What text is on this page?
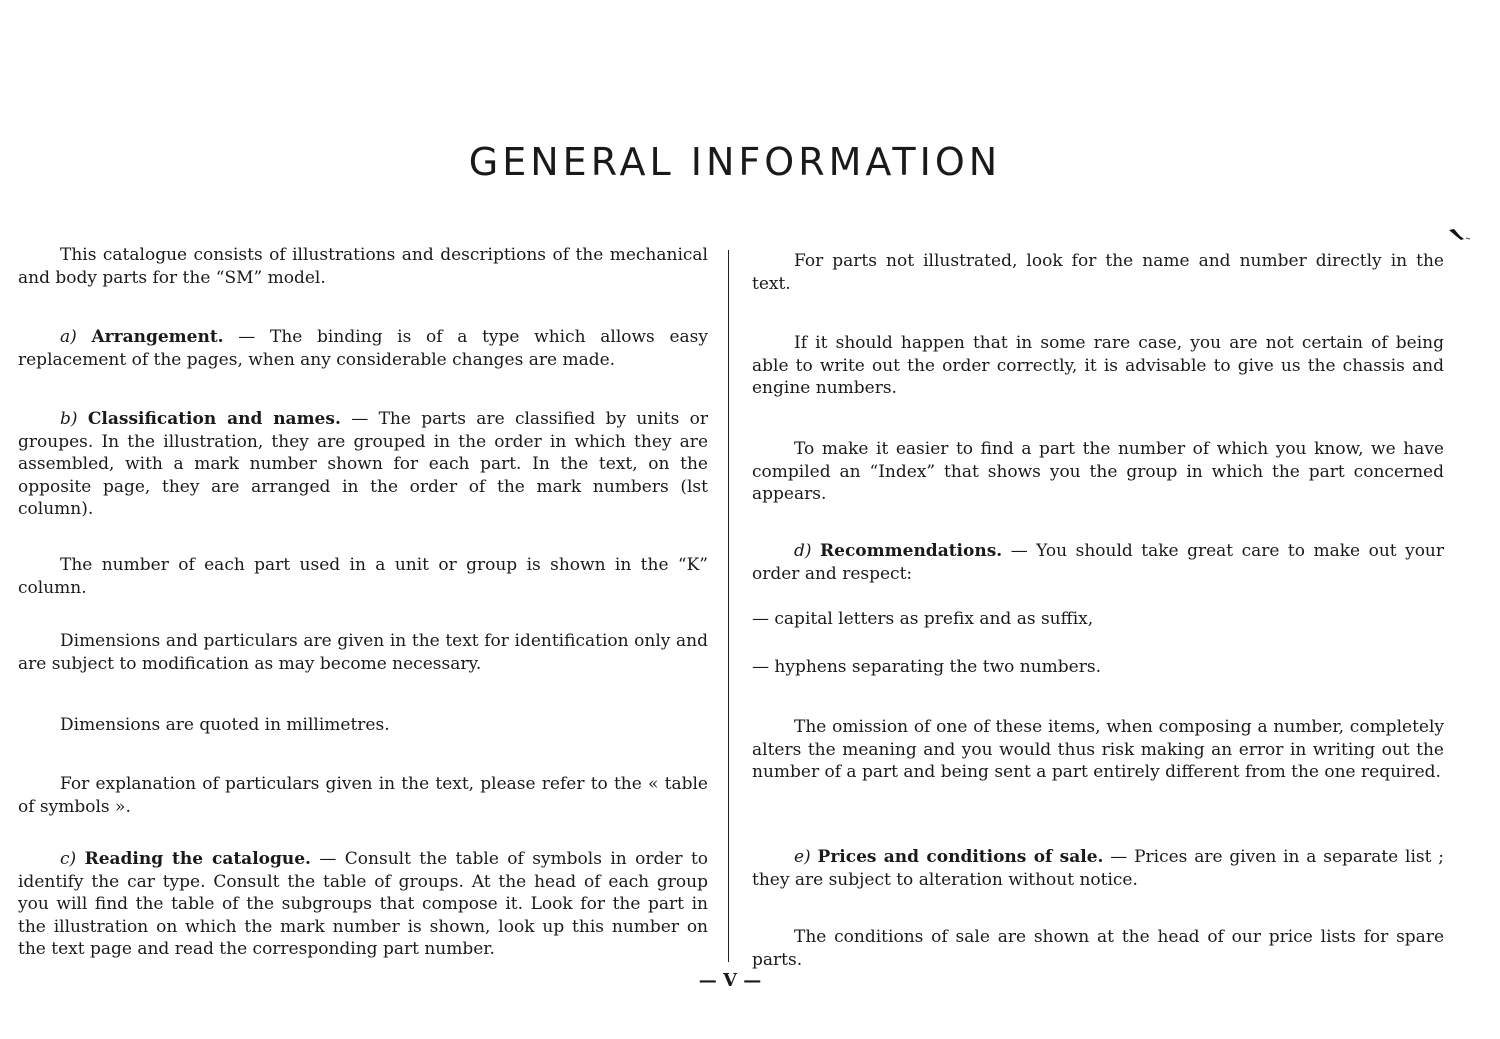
GENERAL INFORMATION

This catalogue consists of illustrations and descriptions of the mechanical and body parts for the “SM” model.

a) Arrangement. — The binding is of a type which allows easy replacement of the pages, when any considerable changes are made.

b) Classification and names. — The parts are classified by units or groupes. In the illustration, they are grouped in the order in which they are assembled, with a mark number shown for each part. In the text, on the opposite page, they are arranged in the order of the mark numbers (lst column).

The number of each part used in a unit or group is shown in the “K” column.

Dimensions and particulars are given in the text for identification only and are subject to modification as may become necessary.

Dimensions are quoted in millimetres.

For explanation of particulars given in the text, please refer to the « table of symbols ».

c) Reading the catalogue. — Consult the table of symbols in order to identify the car type. Consult the table of groups. At the head of each group you will find the table of the subgroups that compose it. Look for the part in the illustration on which the mark number is shown, look up this number on the text page and read the corresponding part number.

For parts not illustrated, look for the name and number directly in the text.

If it should happen that in some rare case, you are not certain of being able to write out the order correctly, it is advisable to give us the chassis and engine numbers.

To make it easier to find a part the number of which you know, we have compiled an “Index” that shows you the group in which the part concerned appears.

d) Recommendations. — You should take great care to make out your order and respect:

— capital letters as prefix and as suffix,

— hyphens separating the two numbers.

The omission of one of these items, when composing a number, completely alters the meaning and you would thus risk making an error in writing out the number of a part and being sent a part entirely different from the one required.

e) Prices and conditions of sale. — Prices are given in a separate list ; they are subject to alteration without notice.

The conditions of sale are shown at the head of our price lists for spare parts.

— V —
